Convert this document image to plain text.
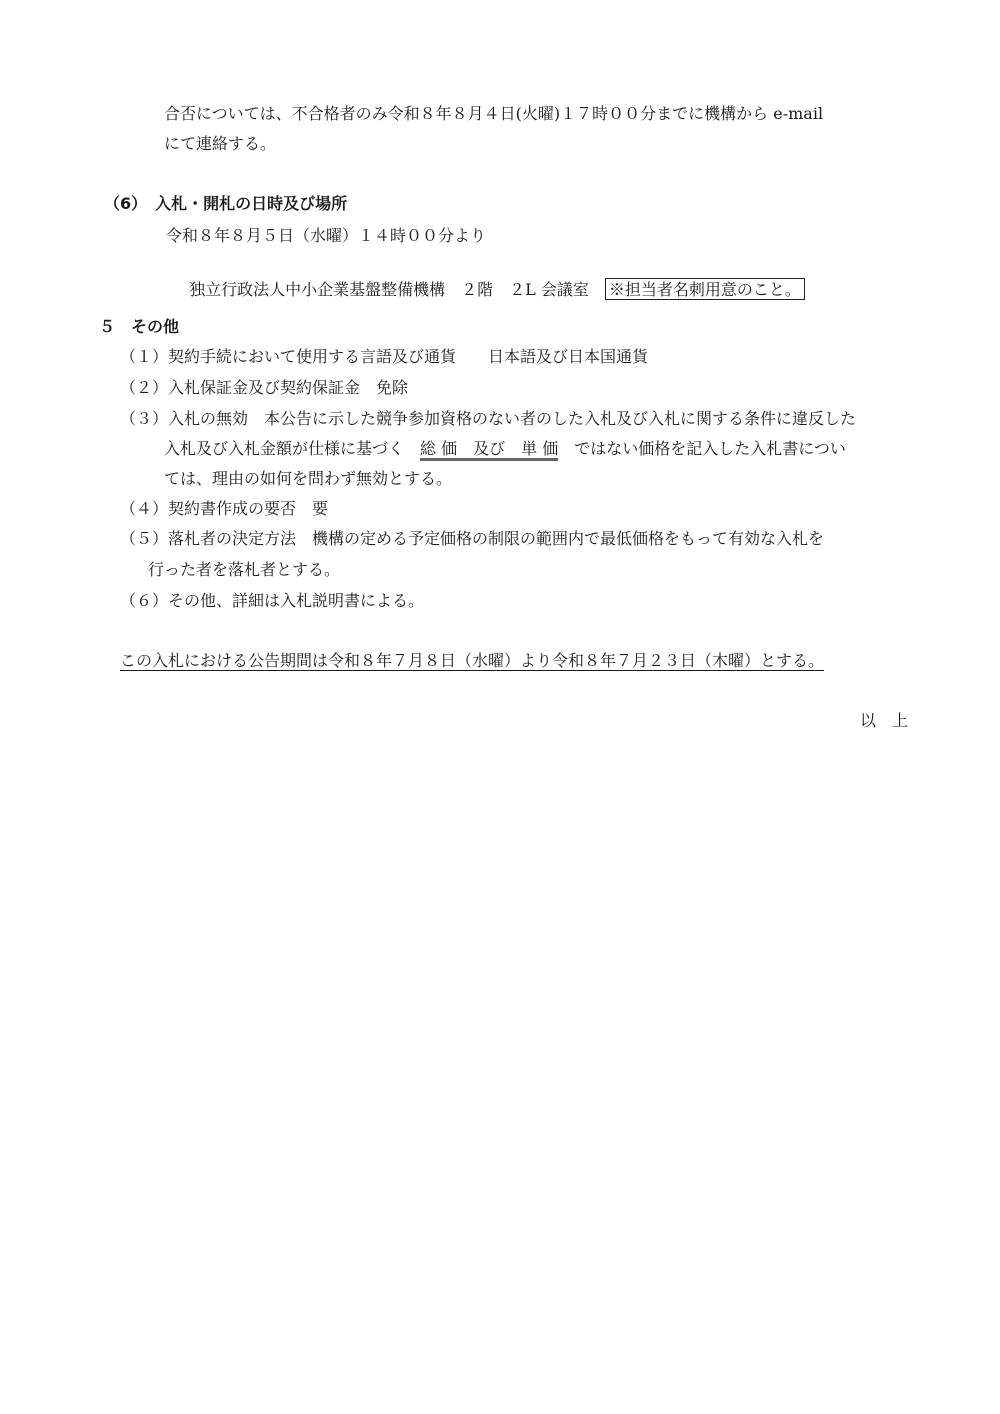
合否については、不合格者のみ令和８年８月４日(火曜)１７時００分までに機構から e-mail
にて連絡する。
（6）　入札・開札の日時及び場所
令和８年８月５日（水曜）１４時００分より

独立行政法人中小企業基盤整備機構　２階　２L 会議室　 ※担当者名刺用意のこと。

５　その他
（１）契約手続において使用する言語及び通貨　　日本語及び日本国通貨
（２）入札保証金及び契約保証金　免除
（３）入札の無効　本公告に示した競争参加資格のない者のした入札及び入札に関する条件に違反した
入札及び入札金額が仕様に基づく　総 価　及び　単 価　ではない価格を記入した入札書につい
ては、理由の如何を問わず無効とする。
（４）契約書作成の要否　要
（５）落札者の決定方法　機構の定める予定価格の制限の範囲内で最低価格をもって有効な入札を
行った者を落札者とする。
（６）その他、詳細は入札説明書による。
この入札における公告期間は令和８年７月８日（水曜）より令和８年７月２３日（木曜）とする。
以　上
